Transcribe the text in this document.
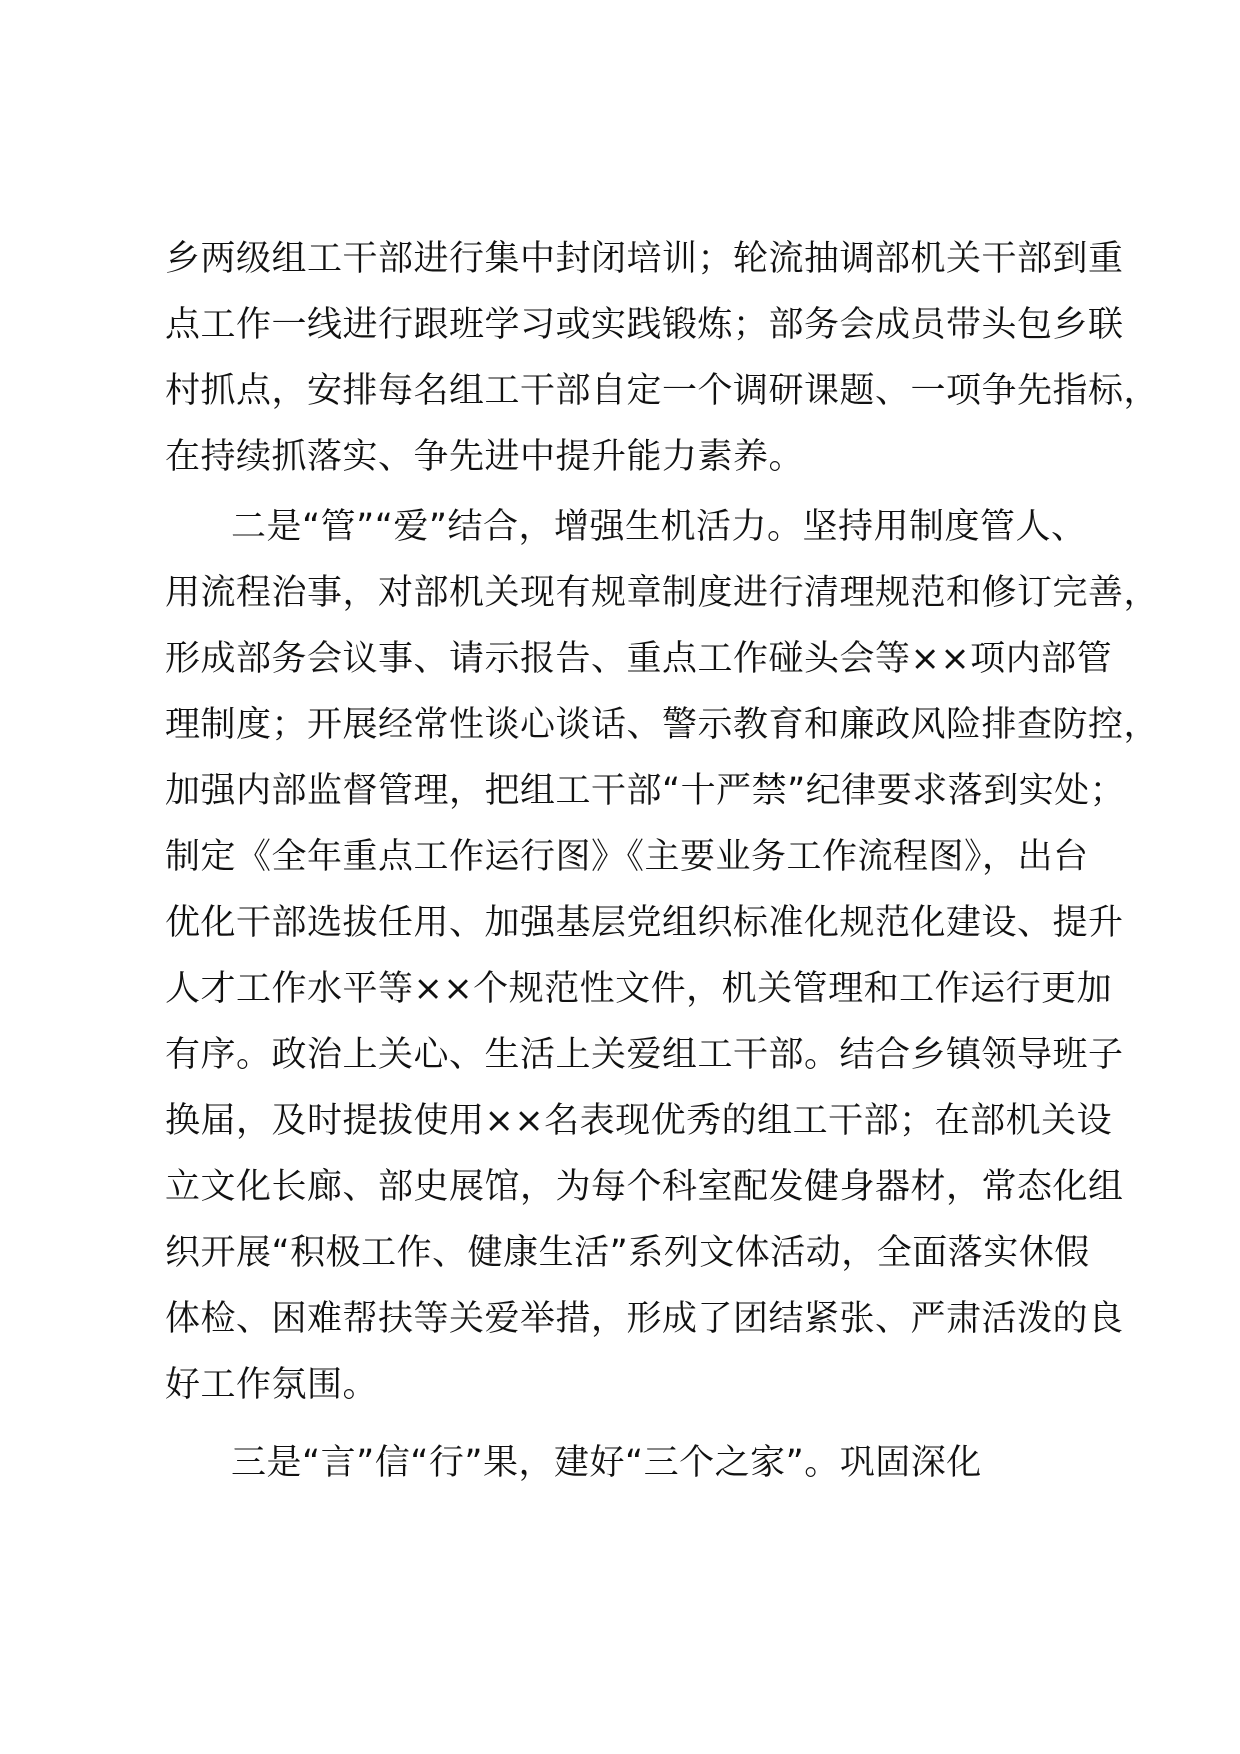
乡两级组工干部进行集中封闭培训；轮流抽调部机关干部到重
点工作一线进行跟班学习或实践锻炼；部务会成员带头包乡联
村抓点，安排每名组工干部自定一个调研课题、一项争先指标，
在持续抓落实、争先进中提升能力素养。
二是“管”“爱”结合，增强生机活力。坚持用制度管人、
用流程治事，对部机关现有规章制度进行清理规范和修订完善，
形成部务会议事、请示报告、重点工作碰头会等××项内部管
理制度；开展经常性谈心谈话、警示教育和廉政风险排查防控，
加强内部监督管理，把组工干部“十严禁”纪律要求落到实处；
制定《全年重点工作运行图》《主要业务工作流程图》，出台
优化干部选拔任用、加强基层党组织标准化规范化建设、提升
人才工作水平等××个规范性文件，机关管理和工作运行更加
有序。政治上关心、生活上关爱组工干部。结合乡镇领导班子
换届，及时提拔使用××名表现优秀的组工干部；在部机关设
立文化长廊、部史展馆，为每个科室配发健身器材，常态化组
织开展“积极工作、健康生活”系列文体活动，全面落实休假
体检、困难帮扶等关爱举措，形成了团结紧张、严肃活泼的良
好工作氛围。
三是“言”信“行”果，建好“三个之家”。巩固深化
